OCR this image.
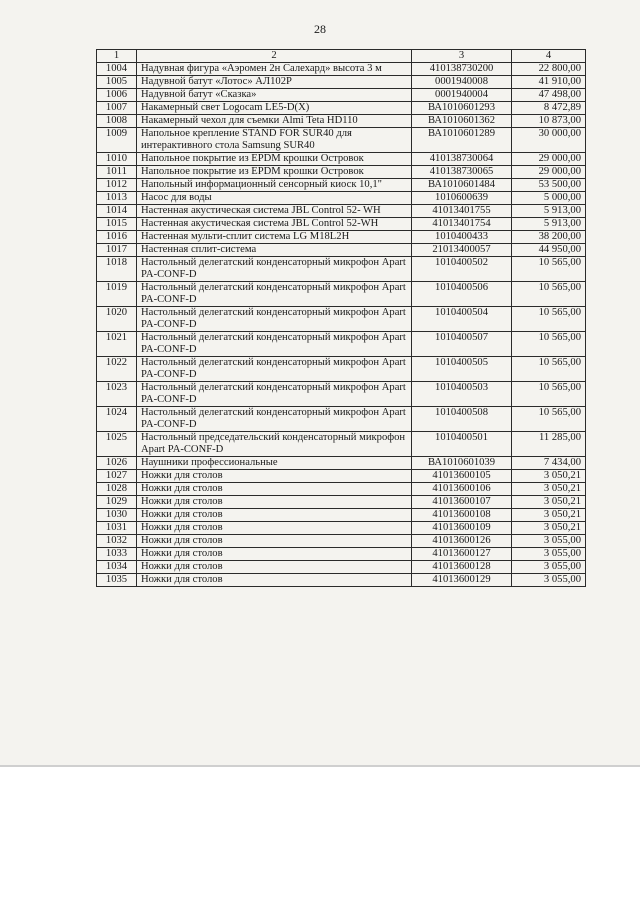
28
1	2	3	4
1004	Надувная фигура «Аэромен 2н Салехард» высота 3 м	410138730200	22 800,00
1005	Надувной батут «Лотос» АЛ102Р	0001940008	41 910,00
1006	Надувной батут «Сказка»	0001940004	47 498,00
1007	Накамерный свет Logocam LE5-D(X)	ВА1010601293	8 472,89
1008	Накамерный чехол для съемки Almi Teta HD110	ВА1010601362	10 873,00
1009	Напольное крепление STAND FOR SUR40 для интерактивного стола Samsung SUR40	ВА1010601289	30 000,00
1010	Напольное покрытие из EPDM крошки Островок	410138730064	29 000,00
1011	Напольное покрытие из EPDM крошки Островок	410138730065	29 000,00
1012	Напольный информационный сенсорный киоск 10,1"	ВА1010601484	53 500,00
1013	Насос для воды	1010600639	5 000,00
1014	Настенная акустическая система JBL Control 52- WH	41013401755	5 913,00
1015	Настенная акустическая система JBL Control 52-WH	41013401754	5 913,00
1016	Настенная мульти-сплит система LG M18L2H	1010400433	38 200,00
1017	Настенная сплит-система	21013400057	44 950,00
1018	Настольный делегатский конденсаторный микрофон Apart PA-CONF-D	1010400502	10 565,00
1019	Настольный делегатский конденсаторный микрофон Apart PA-CONF-D	1010400506	10 565,00
1020	Настольный делегатский конденсаторный микрофон Apart PA-CONF-D	1010400504	10 565,00
1021	Настольный делегатский конденсаторный микрофон Apart PA-CONF-D	1010400507	10 565,00
1022	Настольный делегатский конденсаторный микрофон Apart PA-CONF-D	1010400505	10 565,00
1023	Настольный делегатский конденсаторный микрофон Apart PA-CONF-D	1010400503	10 565,00
1024	Настольный делегатский конденсаторный микрофон Apart PA-CONF-D	1010400508	10 565,00
1025	Настольный председательский конденсаторный микрофон Apart PA-CONF-D	1010400501	11 285,00
1026	Наушники профессиональные	ВА1010601039	7 434,00
1027	Ножки для столов	41013600105	3 050,21
1028	Ножки для столов	41013600106	3 050,21
1029	Ножки для столов	41013600107	3 050,21
1030	Ножки для столов	41013600108	3 050,21
1031	Ножки для столов	41013600109	3 050,21
1032	Ножки для столов	41013600126	3 055,00
1033	Ножки для столов	41013600127	3 055,00
1034	Ножки для столов	41013600128	3 055,00
1035	Ножки для столов	41013600129	3 055,00
